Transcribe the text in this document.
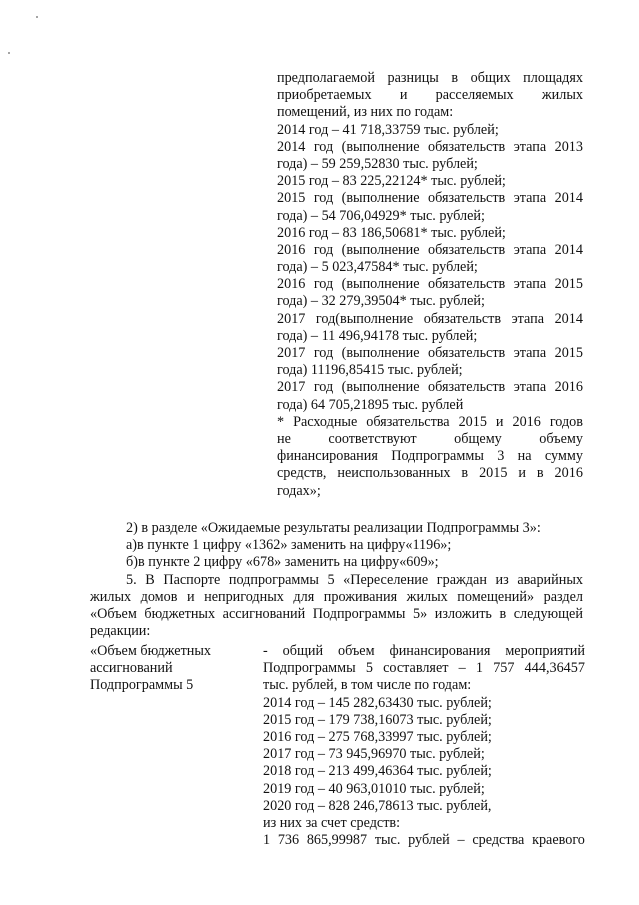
предполагаемой разницы в общих площадях
приобретаемых и расселяемых жилых
помещений, из них по годам:
2014 год – 41 718,33759 тыс. рублей;
2014 год (выполнение обязательств этапа 2013
года) – 59 259,52830 тыс. рублей;
2015 год – 83 225,22124* тыс. рублей;
2015 год (выполнение обязательств этапа 2014
года) – 54 706,04929* тыс. рублей;
2016 год – 83 186,50681* тыс. рублей;
2016 год (выполнение обязательств этапа 2014
года) – 5 023,47584* тыс. рублей;
2016 год (выполнение обязательств этапа 2015
года) – 32 279,39504* тыс. рублей;
2017 год(выполнение обязательств этапа 2014
года) – 11 496,94178 тыс. рублей;
2017 год (выполнение обязательств этапа 2015
года) 11196,85415 тыс. рублей;
2017 год (выполнение обязательств этапа 2016
года) 64 705,21895 тыс. рублей
* Расходные обязательства 2015 и 2016 годов
не	соответствуют	общему	объему
финансирования Подпрограммы 3 на сумму
средств, неиспользованных в 2015 и в 2016
годах»;
2) в разделе «Ожидаемые результаты реализации Подпрограммы 3»:
а)в пункте 1 цифру «1362» заменить на цифру«1196»;
б)в пункте 2 цифру «678» заменить на цифру«609»;
5. В Паспорте подпрограммы 5 «Переселение граждан из аварийных
жилых домов и непригодных для проживания жилых помещений» раздел
«Объем бюджетных ассигнований Подпрограммы 5» изложить в следующей
редакции:
«Объем бюджетных
ассигнований
Подпрограммы 5
- общий объем финансирования мероприятий
Подпрограммы 5 составляет – 1 757 444,36457
тыс. рублей, в том числе по годам:
2014 год – 145 282,63430 тыс. рублей;
2015 год – 179 738,16073 тыс. рублей;
2016 год – 275 768,33997 тыс. рублей;
2017 год – 73 945,96970 тыс. рублей;
2018 год – 213 499,46364 тыс. рублей;
2019 год – 40 963,01010 тыс. рублей;
2020 год – 828 246,78613 тыс. рублей,
из них за счет средств:
1 736 865,99987 тыс. рублей – средства краевого
